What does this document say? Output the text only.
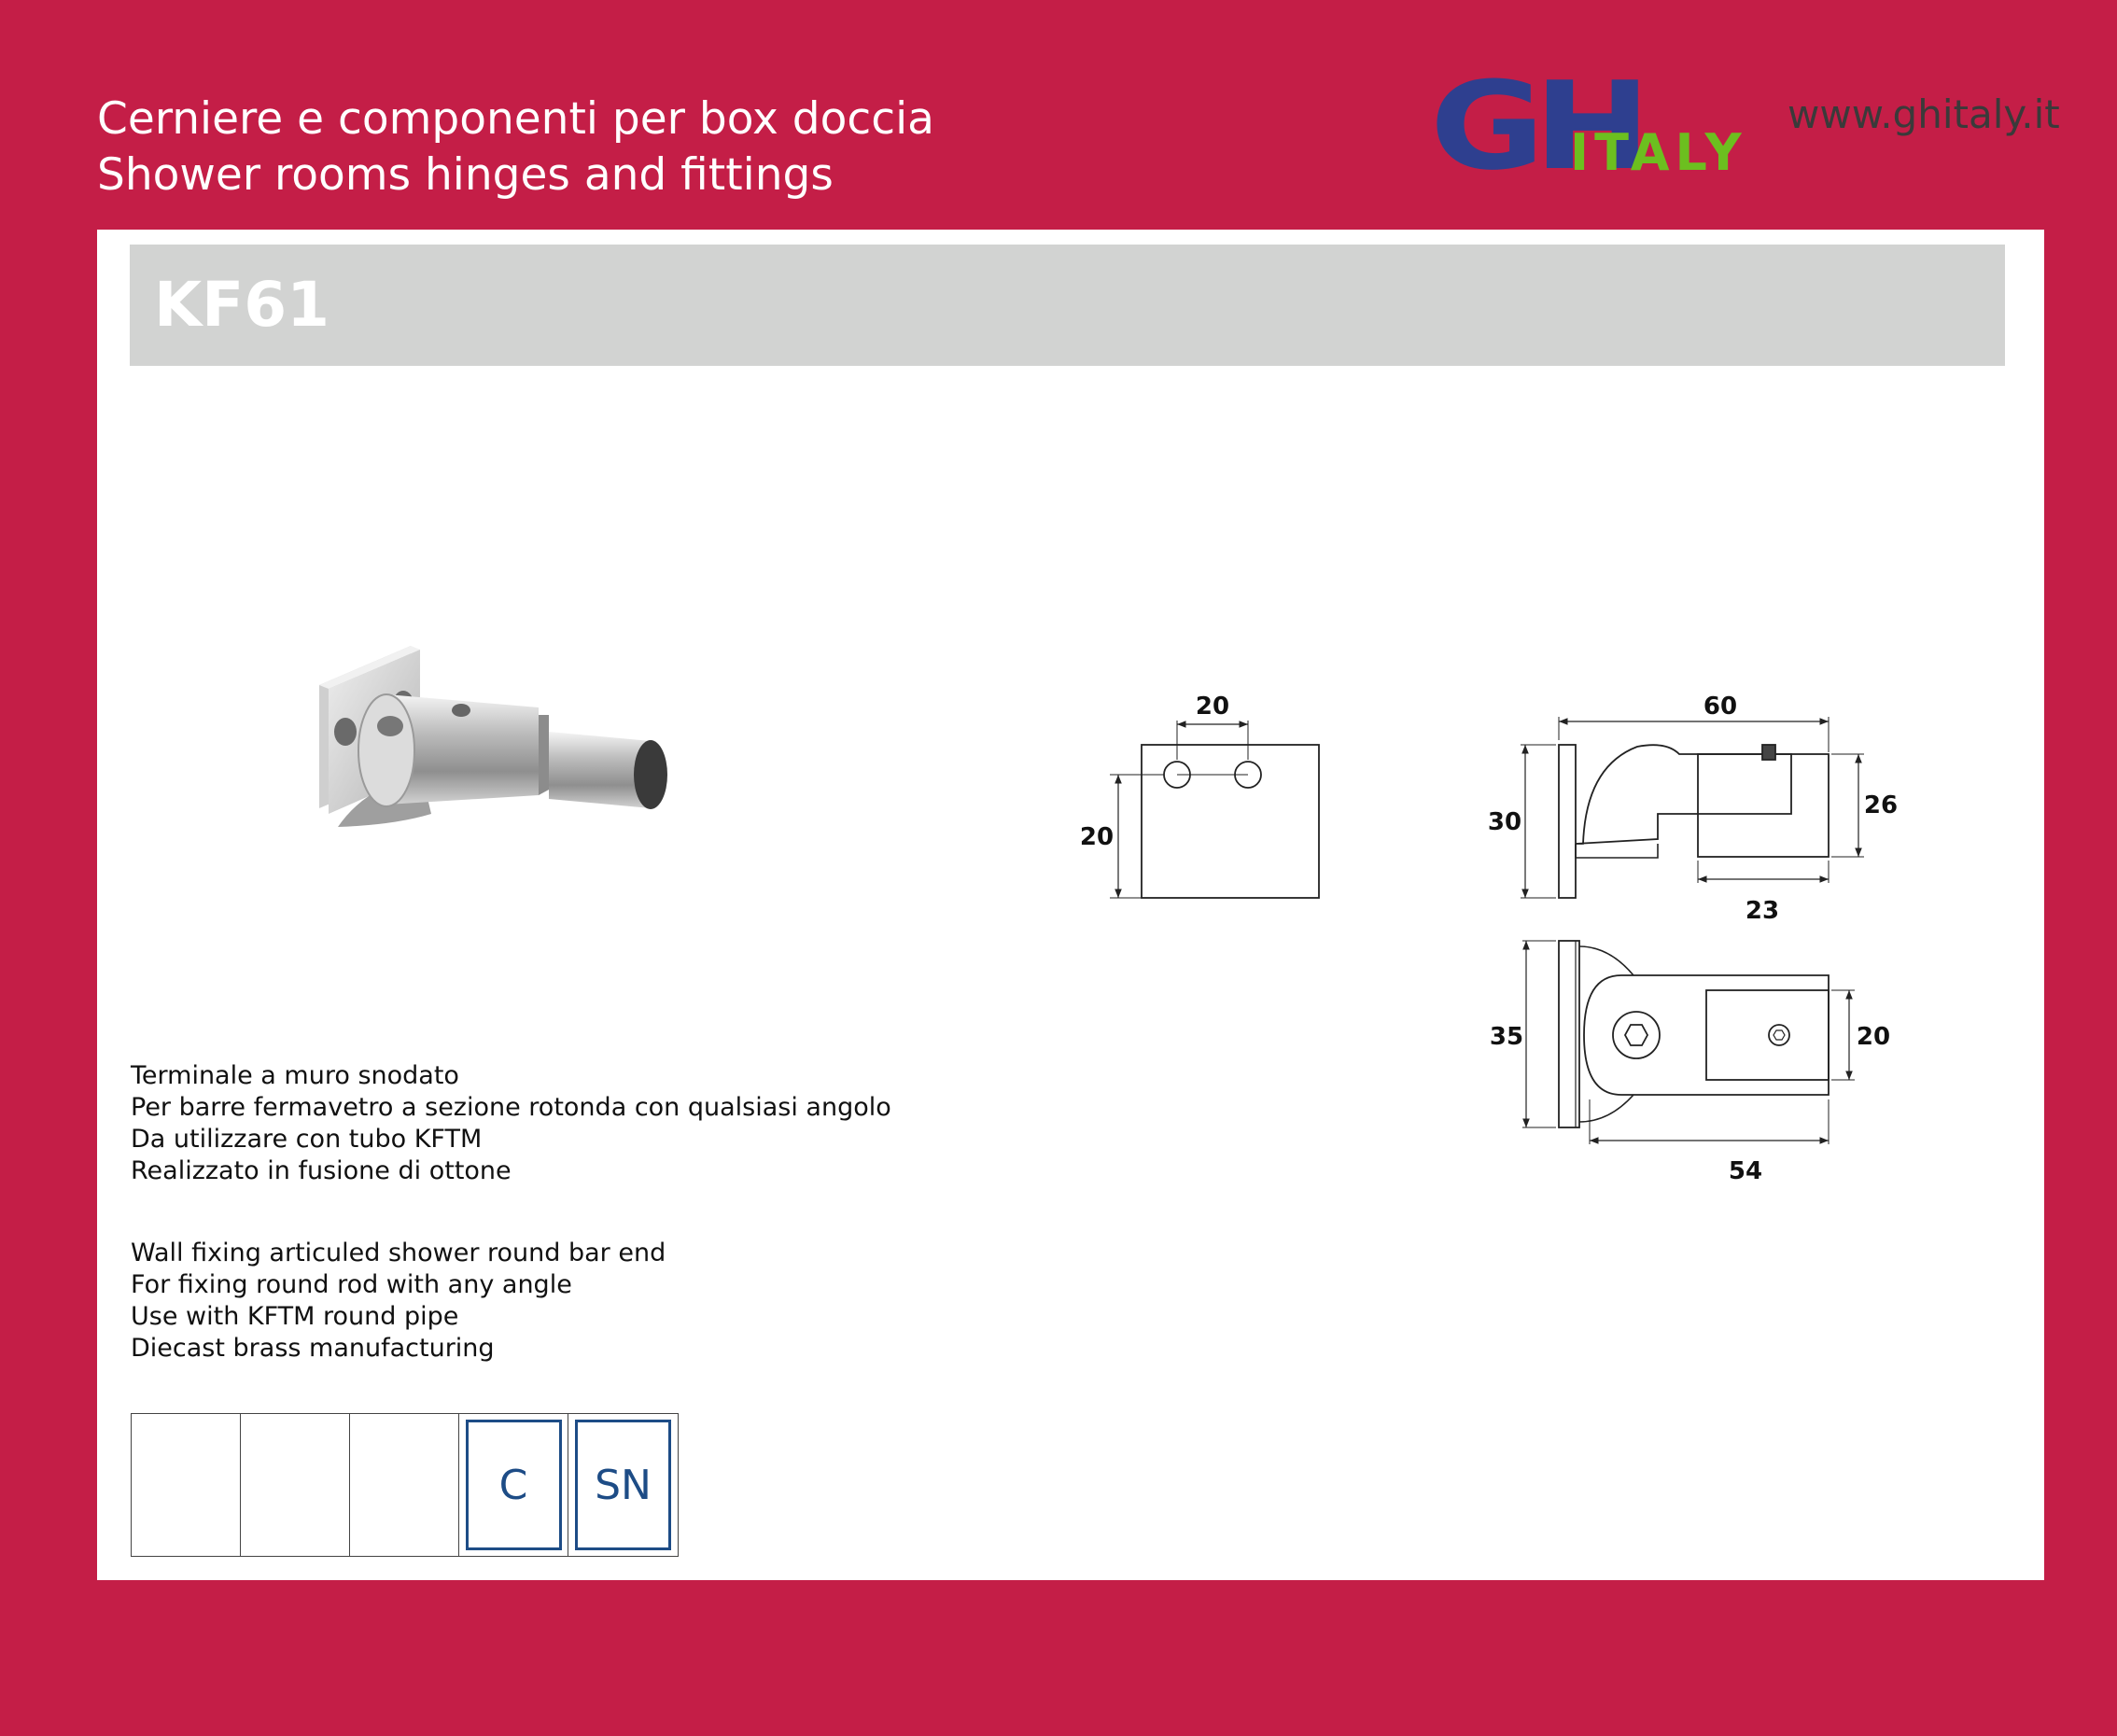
Cerniere e componenti per box doccia
Shower rooms hinges and fittings	GH
ITALY
www.ghitaly.it
KF61
20
20
60
30
26
23
35	20
54
Terminale a muro snodato
Per barre fermavetro a sezione rotonda con qualsiasi angolo
Da utilizzare con tubo KFTM
Realizzato in fusione di ottone
Wall fixing articuled shower round bar end
For fixing round rod with any angle
Use with KFTM round pipe
Diecast brass manufacturing
C	SN
